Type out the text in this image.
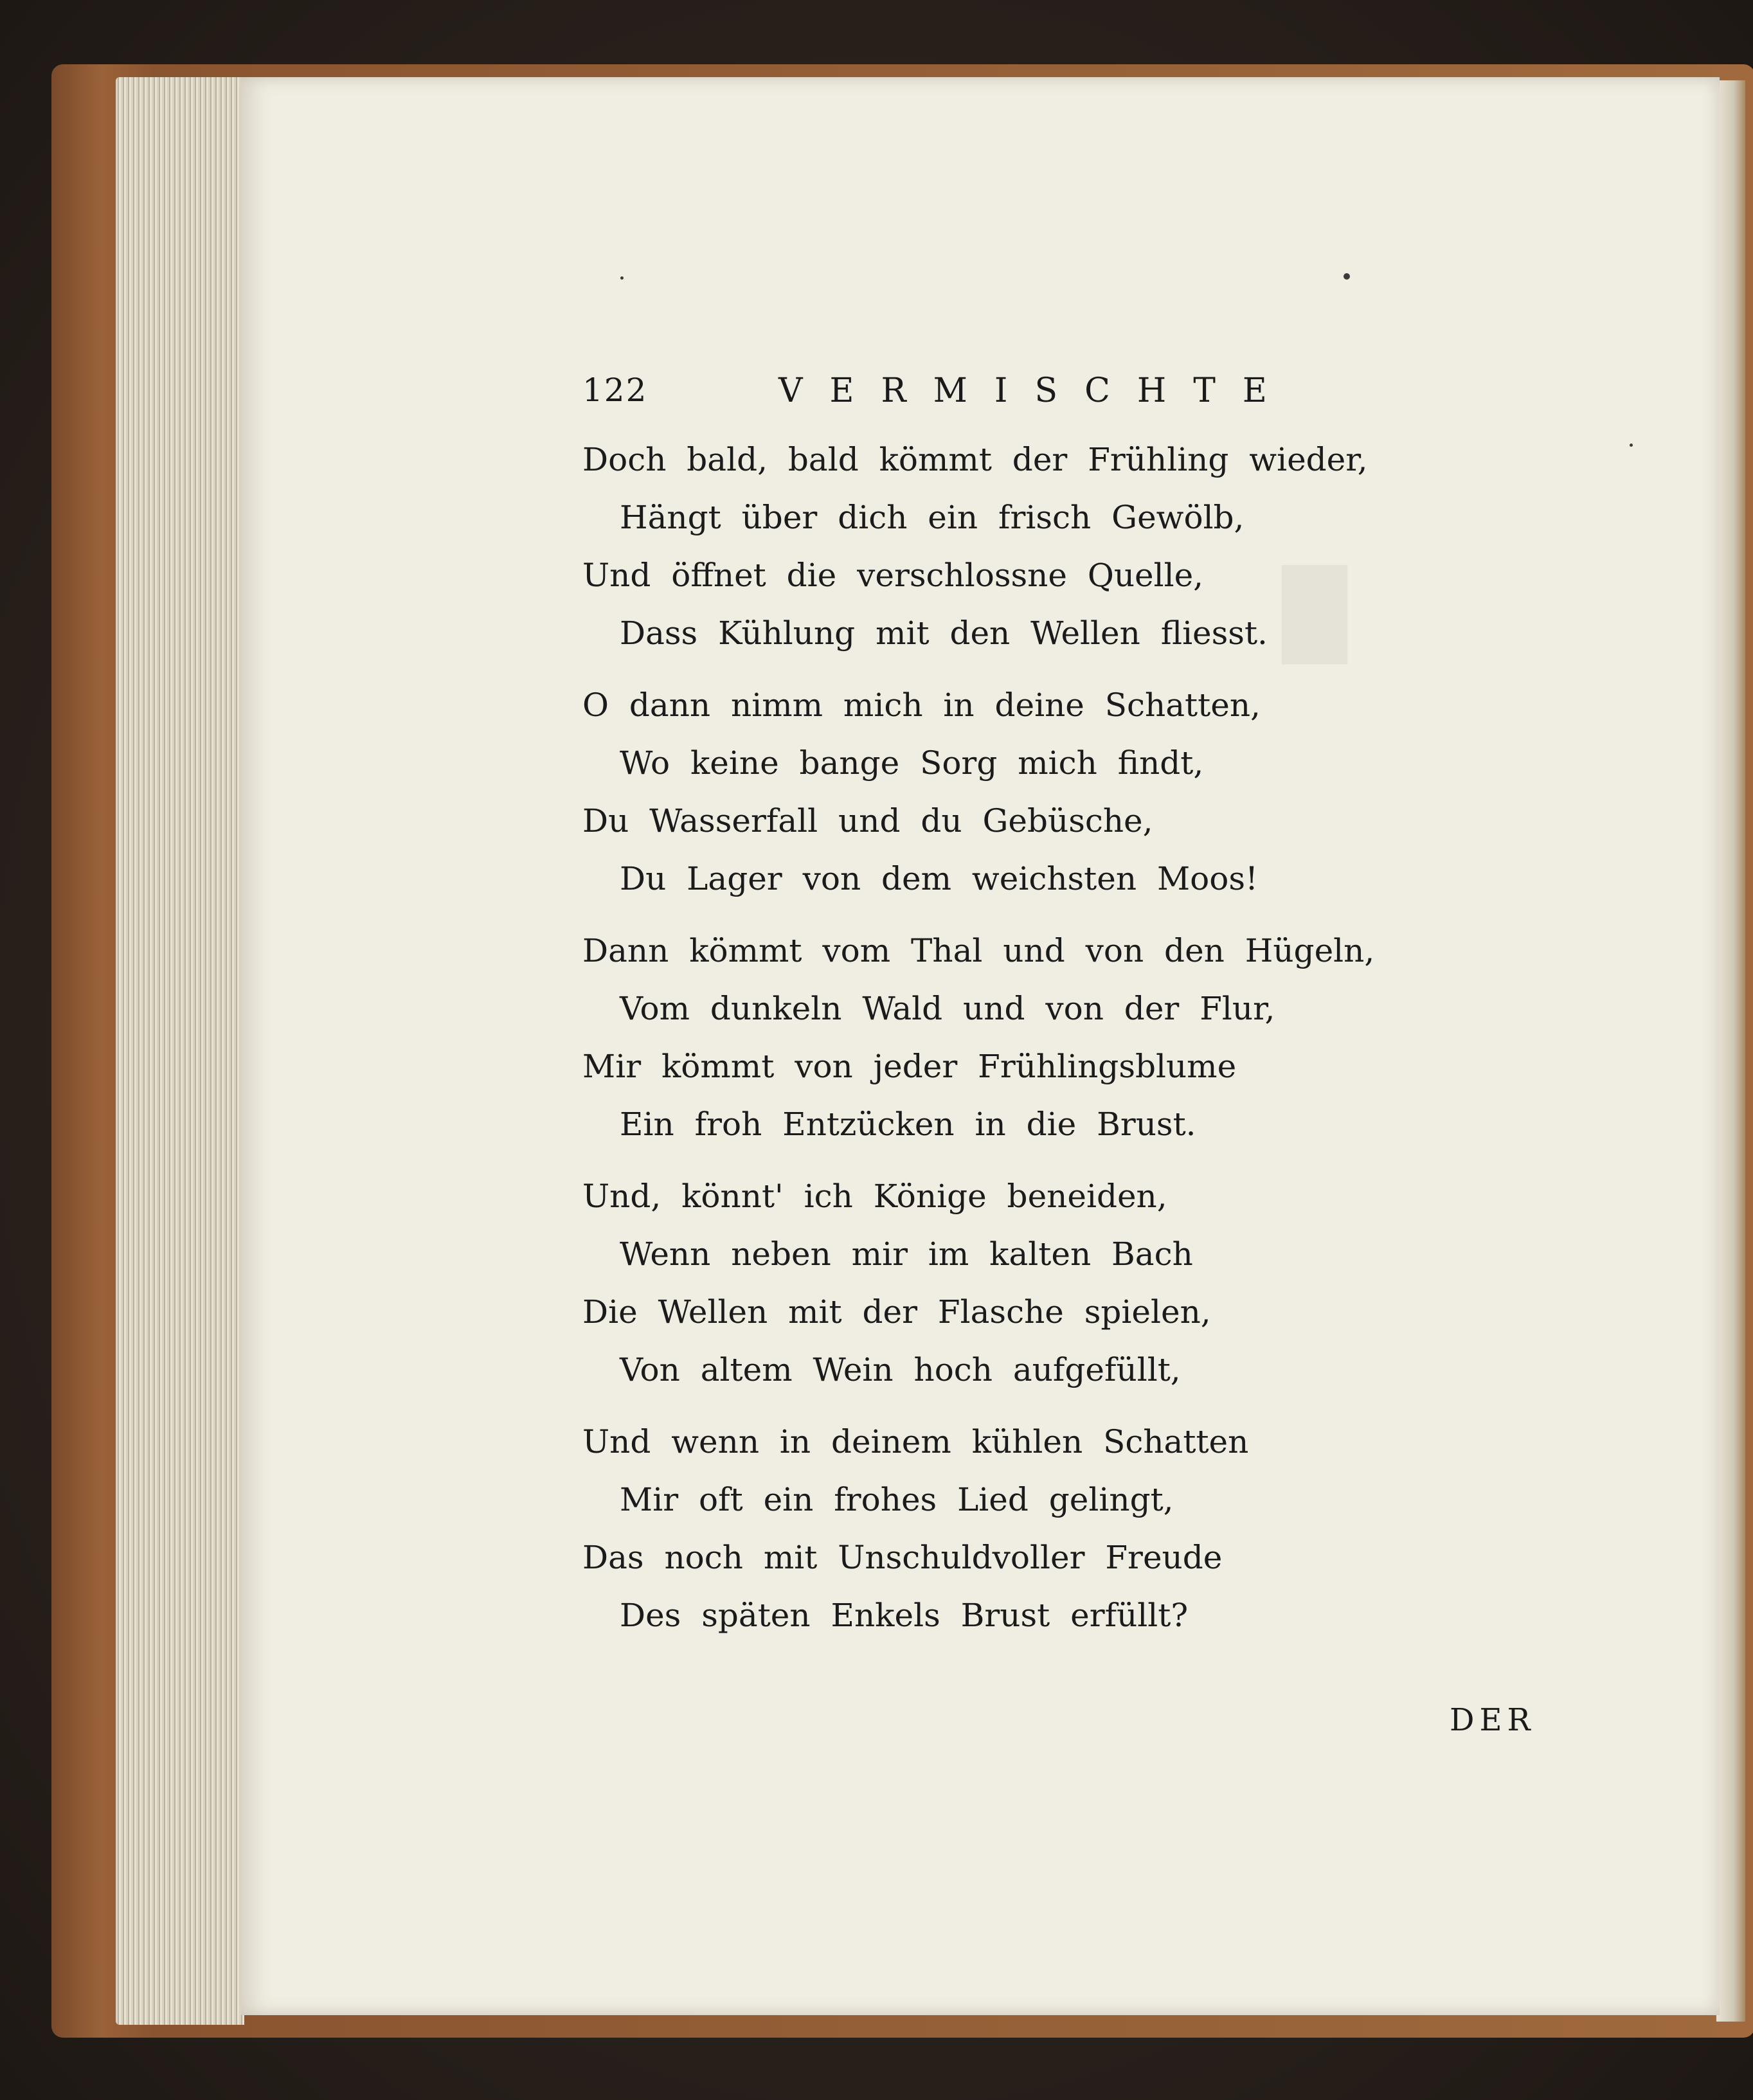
█
122	VERMISCHTE
Doch bald, bald kömmt der Frühling wieder,
Hängt über dich ein frisch Gewölb,
Und öffnet die verschlossne Quelle,
Dass Kühlung mit den Wellen fliesst.
O dann nimm mich in deine Schatten,
Wo keine bange Sorg mich findt,
Du Wasserfall und du Gebüsche,
Du Lager von dem weichsten Moos!
Dann kömmt vom Thal und von den Hügeln,
Vom dunkeln Wald und von der Flur,
Mir kömmt von jeder Frühlingsblume
Ein froh Entzücken in die Brust.
Und, könnt' ich Könige beneiden,
Wenn neben mir im kalten Bach
Die Wellen mit der Flasche spielen,
Von altem Wein hoch aufgefüllt,
Und wenn in deinem kühlen Schatten
Mir oft ein frohes Lied gelingt,
Das noch mit Unschuldvoller Freude
Des späten Enkels Brust erfüllt?
DER
